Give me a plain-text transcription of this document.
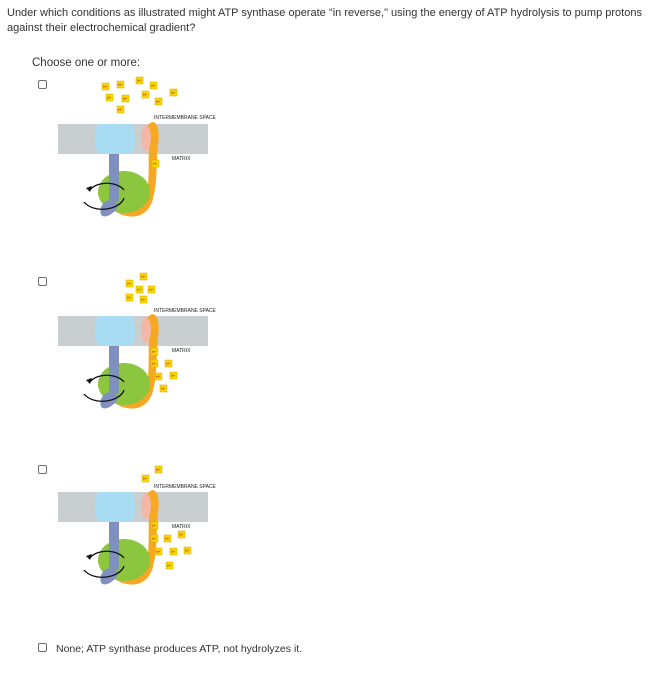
Under which conditions as illustrated might ATP synthase operate "in reverse," using the energy of ATP hydrolysis to pump protons against their electrochemical gradient?
Choose one or more:
INTERMEMBRANE SPACE
MATRIX
H⁺	H⁺
H⁺
H⁺
H⁺	H⁺
H⁺	H⁺
H⁺
H⁺
H⁺
INTERMEMBRANE SPACE
MATRIX
H⁺
H⁺
H⁺ H⁺
H⁺	H⁺
H⁺
H⁺	H⁺
H⁺	H⁺
H⁺
INTERMEMBRANE SPACE
MATRIX
H⁺
H⁺
H⁺
H⁺	H⁺
H⁺
H⁺	H⁺	H⁺
H⁺
None; ATP synthase produces ATP, not hydrolyzes it.
